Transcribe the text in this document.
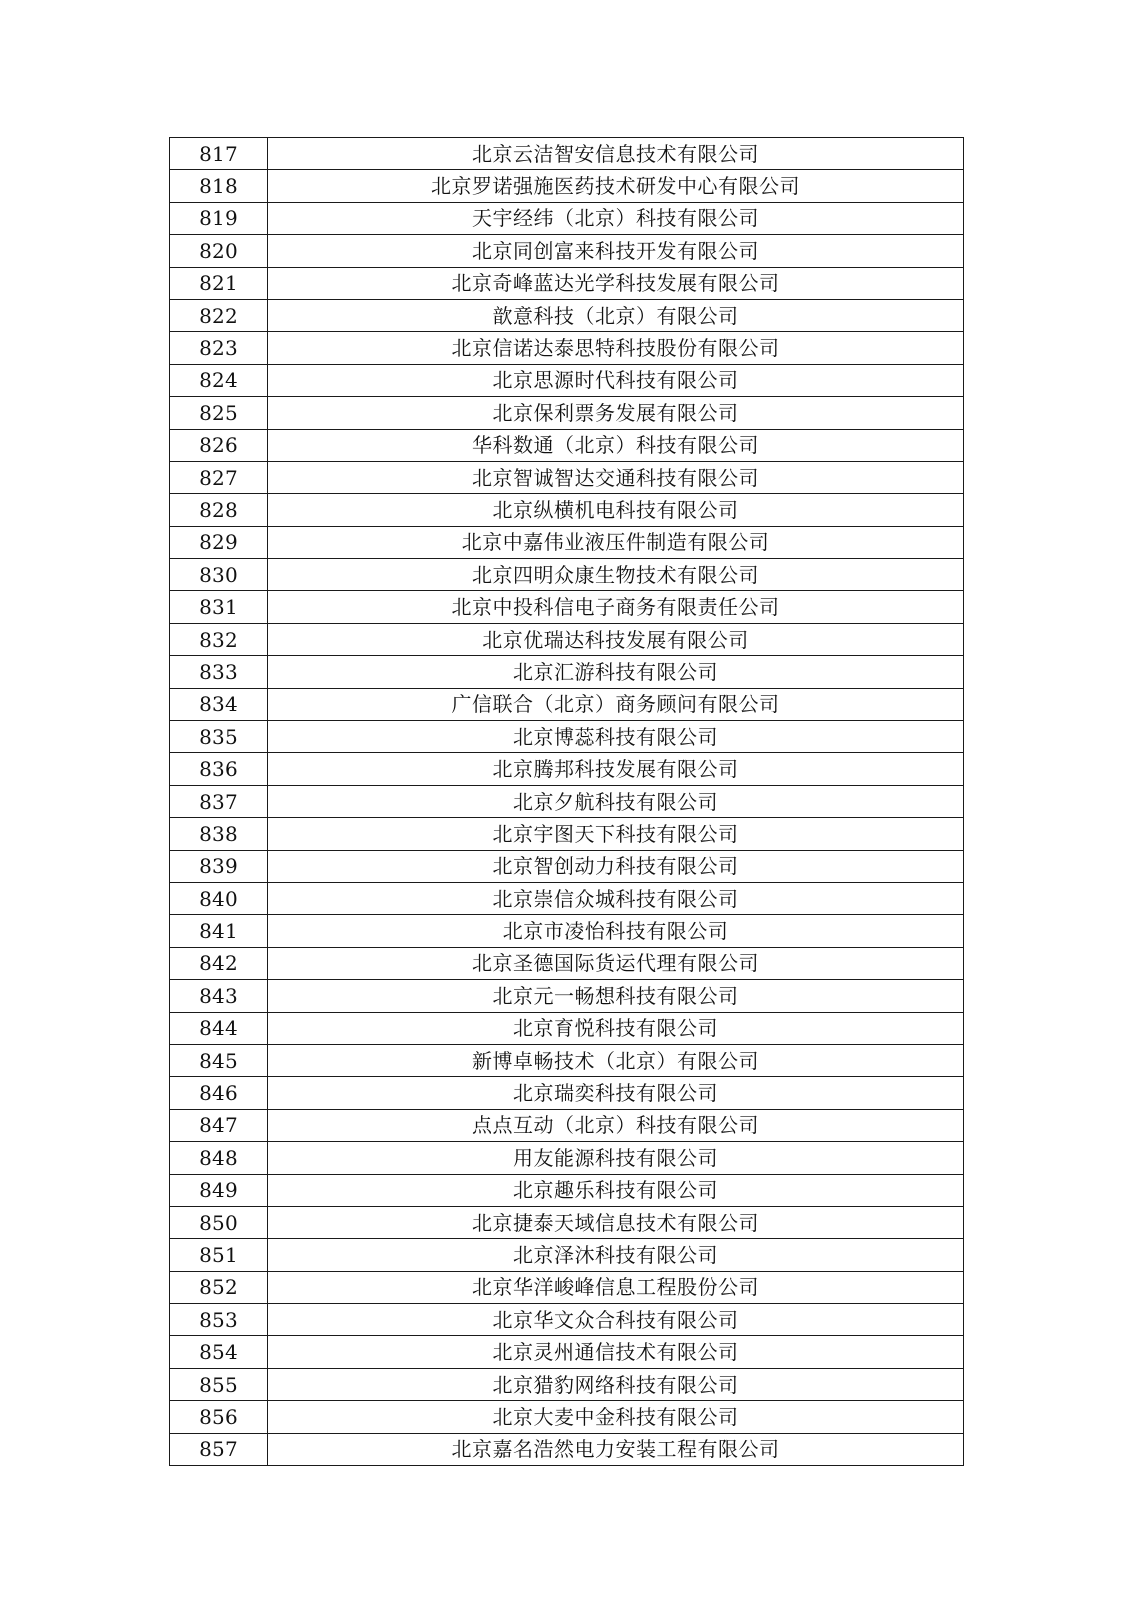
817	北京云洁智安信息技术有限公司
818	北京罗诺强施医药技术研发中心有限公司
819	天宇经纬（北京）科技有限公司
820	北京同创富来科技开发有限公司
821	北京奇峰蓝达光学科技发展有限公司
822	歆意科技（北京）有限公司
823	北京信诺达泰思特科技股份有限公司
824	北京思源时代科技有限公司
825	北京保利票务发展有限公司
826	华科数通（北京）科技有限公司
827	北京智诚智达交通科技有限公司
828	北京纵横机电科技有限公司
829	北京中嘉伟业液压件制造有限公司
830	北京四明众康生物技术有限公司
831	北京中投科信电子商务有限责任公司
832	北京优瑞达科技发展有限公司
833	北京汇游科技有限公司
834	广信联合（北京）商务顾问有限公司
835	北京博蕊科技有限公司
836	北京腾邦科技发展有限公司
837	北京夕航科技有限公司
838	北京宇图天下科技有限公司
839	北京智创动力科技有限公司
840	北京崇信众城科技有限公司
841	北京市凌怡科技有限公司
842	北京圣德国际货运代理有限公司
843	北京元一畅想科技有限公司
844	北京育悦科技有限公司
845	新博卓畅技术（北京）有限公司
846	北京瑞奕科技有限公司
847	点点互动（北京）科技有限公司
848	用友能源科技有限公司
849	北京趣乐科技有限公司
850	北京捷泰天域信息技术有限公司
851	北京泽沐科技有限公司
852	北京华洋峻峰信息工程股份公司
853	北京华文众合科技有限公司
854	北京灵州通信技术有限公司
855	北京猎豹网络科技有限公司
856	北京大麦中金科技有限公司
857	北京嘉名浩然电力安装工程有限公司
